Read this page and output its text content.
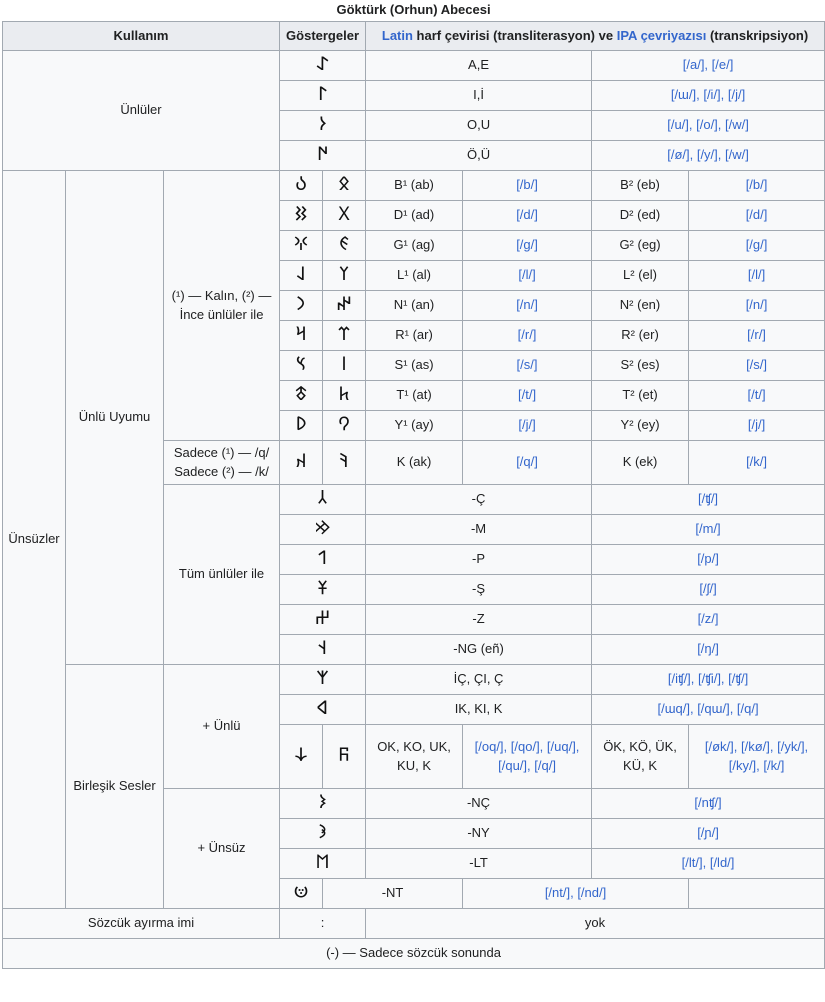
Göktürk (Orhun) Abecesi
Kullanım			Göstergeler		Latin harf çevirisi (transliterasyon) ve IPA çevriyazısı (transkripsiyon)			
Ünlüler			𐰀		A,E		[/a/], [/e/]	
			𐰃		I,İ		[/ɯ/], [/i/], [/j/]	
			𐰆		O,U		[/u/], [/o/], [/w/]	
			𐰇		Ö,Ü		[/ø/], [/y/], [/w/]	
Ünsüzler	Ünlü Uyumu	(¹) — Kalın, (²) — İnce ünlüler ile	𐰉	𐰋	B¹ (ab)	[/b/]	B² (eb)	[/b/]
			𐰑	𐰓	D¹ (ad)	[/d/]	D² (ed)	[/d/]
			𐰍	𐰏	G¹ (ag)	[/g/]	G² (eg)	[/g/]
			𐰞	𐰠	L¹ (al)	[/l/]	L² (el)	[/l/]
			𐰣	𐰤	N¹ (an)	[/n/]	N² (en)	[/n/]
			𐰺	𐰼	R¹ (ar)	[/r/]	R² (er)	[/r/]
			𐰽	𐰾	S¹ (as)	[/s/]	S² (es)	[/s/]
			𐱃	𐱅	T¹ (at)	[/t/]	T² (et)	[/t/]
			𐰖	𐰘	Y¹ (ay)	[/j/]	Y² (ey)	[/j/]
		Sadece (¹) — /q/ Sadece (²) — /k/	𐰴	𐰚	K (ak)	[/q/]	K (ek)	[/k/]
		Tüm ünlüler ile	𐰲		-Ç		[/ʧ/]	
			𐰢		-M		[/m/]	
			𐰯		-P		[/p/]	
			𐱁		-Ş		[/ʃ/]	
			𐰔		-Z		[/z/]	
			𐰭		-NG (eñ)		[/ŋ/]	
	Birleşik Sesler	+ Ünlü	𐰱		İÇ, ÇI, Ç		[/iʧ/], [/ʧi/], [/ʧ/]	
			𐰶		IK, KI, K		[/ɯq/], [/qɯ/], [/q/]	
			𐰸	𐰜	OK, KO, UK, KU, K	[/oq/], [/qo/], [/uq/], [/qu/], [/q/]	ÖK, KÖ, ÜK, KÜ, K	[/øk/], [/kø/], [/yk/], [/ky/], [/k/]
		+ Ünsüz	𐰨		-NÇ		[/nʧ/]	
			𐰪		-NY		[/ɲ/]	
			𐰡		-LT		[/lt/], [/ld/]	
			𐰦	-NT		[/nt/], [/nd/]		
Sözcük ayırma imi			:		yok			
(-) — Sadece sözcük sonunda								
